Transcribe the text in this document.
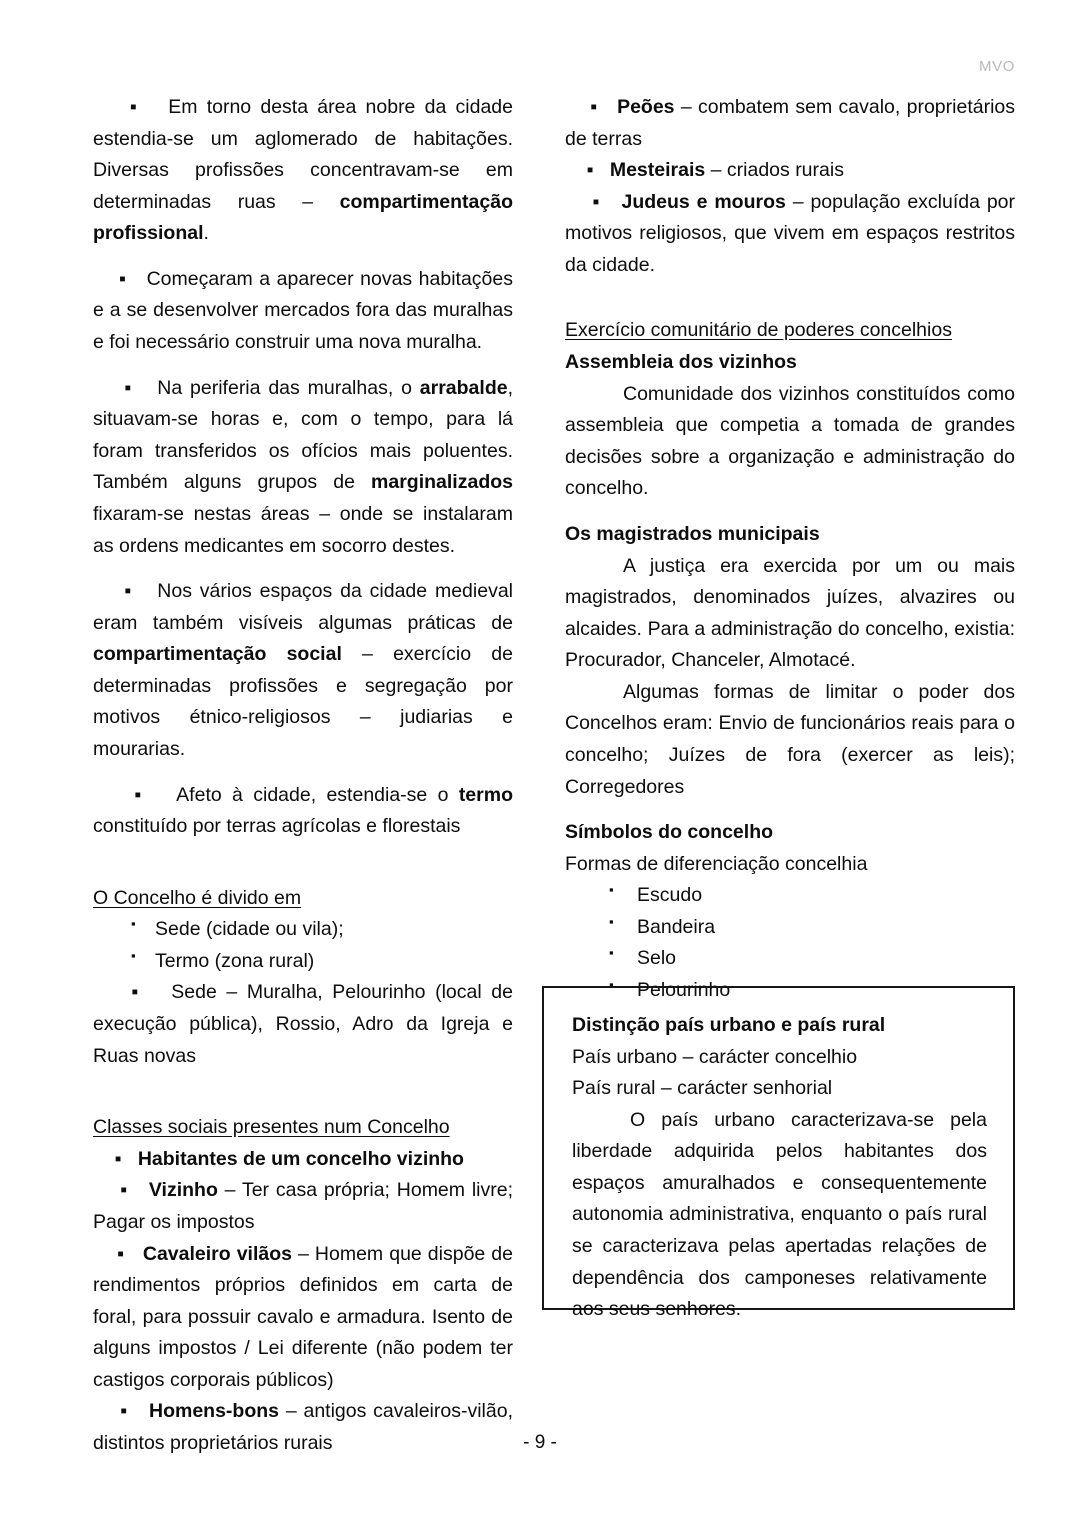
MVO

▪ Em torno desta área nobre da cidade estendia-se um aglomerado de habitações. Diversas profissões concentravam-se em determinadas ruas – compartimentação profissional.

▪ Começaram a aparecer novas habitações e a se desenvolver mercados fora das muralhas e foi necessário construir uma nova muralha.

▪ Na periferia das muralhas, o arrabalde, situavam-se horas e, com o tempo, para lá foram transferidos os ofícios mais poluentes. Também alguns grupos de marginalizados fixaram-se nestas áreas – onde se instalaram as ordens medicantes em socorro destes.

▪ Nos vários espaços da cidade medieval eram também visíveis algumas práticas de compartimentação social – exercício de determinadas profissões e segregação por motivos étnico-religiosos – judiarias e mourarias.

▪ Afeto à cidade, estendia-se o termo constituído por terras agrícolas e florestais

O Concelho é divido em
▪ Sede (cidade ou vila);
▪ Termo (zona rural)

▪ Sede – Muralha, Pelourinho (local de execução pública), Rossio, Adro da Igreja e Ruas novas

Classes sociais presentes num Concelho

▪ Habitantes de um concelho vizinho

▪ Vizinho – Ter casa própria; Homem livre; Pagar os impostos

▪ Cavaleiro vilãos – Homem que dispõe de rendimentos próprios definidos em carta de foral, para possuir cavalo e armadura. Isento de alguns impostos / Lei diferente (não podem ter castigos corporais públicos)

▪ Homens-bons – antigos cavaleiros-vilão, distintos proprietários rurais

▪ Peões – combatem sem cavalo, proprietários de terras

▪ Mesteirais – criados rurais

▪ Judeus e mouros – população excluída por motivos religiosos, que vivem em espaços restritos da cidade.

Exercício comunitário de poderes concelhios
Assembleia dos vizinhos

Comunidade dos vizinhos constituídos como assembleia que competia a tomada de grandes decisões sobre a organização e administração do concelho.

Os magistrados municipais

A justiça era exercida por um ou mais magistrados, denominados juízes, alvazires ou alcaides. Para a administração do concelho, existia: Procurador, Chanceler, Almotacé.

Algumas formas de limitar o poder dos Concelhos eram: Envio de funcionários reais para o concelho; Juízes de fora (exercer as leis); Corregedores

Símbolos do concelho
Formas de diferenciação concelhia
▪ Escudo
▪ Bandeira
▪ Selo
▪ Pelourinho
Distinção país urbano e país rural
País urbano – carácter concelhio
País rural – carácter senhorial

O país urbano caracterizava-se pela liberdade adquirida pelos habitantes dos espaços amuralhados e consequentemente autonomia administrativa, enquanto o país rural se caracterizava pelas apertadas relações de dependência dos camponeses relativamente aos seus senhores.

- 9 -
